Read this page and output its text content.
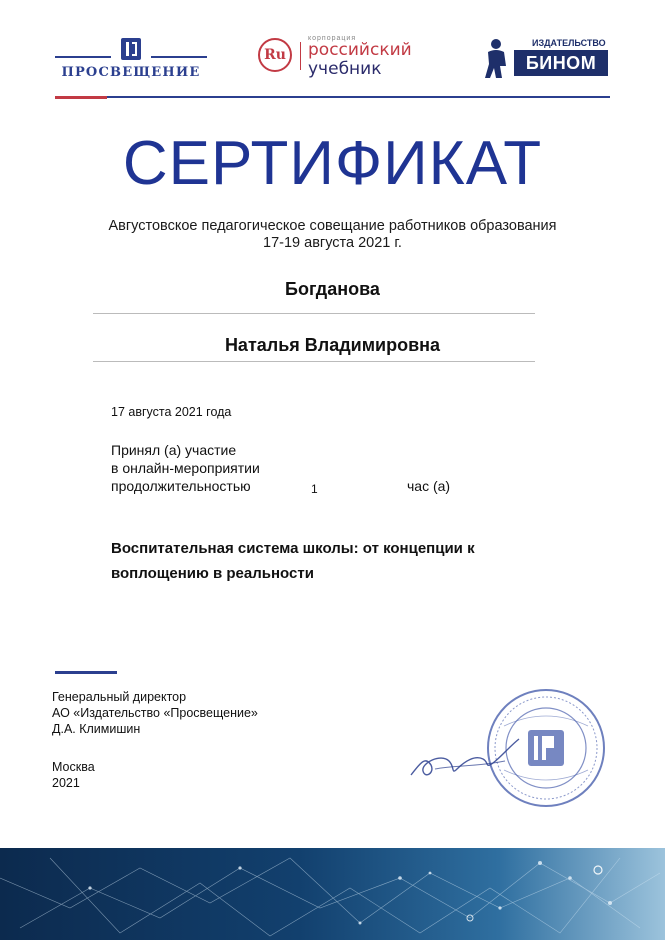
ПРОСВЕЩЕНИЕ
Ru
корпорация
российский
учебник
ИЗДАТЕЛЬСТВО
БИНОМ
СЕРТИФИКАТ
Августовское педагогическое совещание работников образования
17-19 августа 2021 г.
Богданова
Наталья Владимировна
17 августа 2021 года
Принял (а) участие
в онлайн-мероприятии
продолжительностью	1	час (а)
Воспитательная система школы: от концепции к
воплощению в реальности
Генеральный директор
АО «Издательство «Просвещение»
Д.А. Климишин
Москва
2021
